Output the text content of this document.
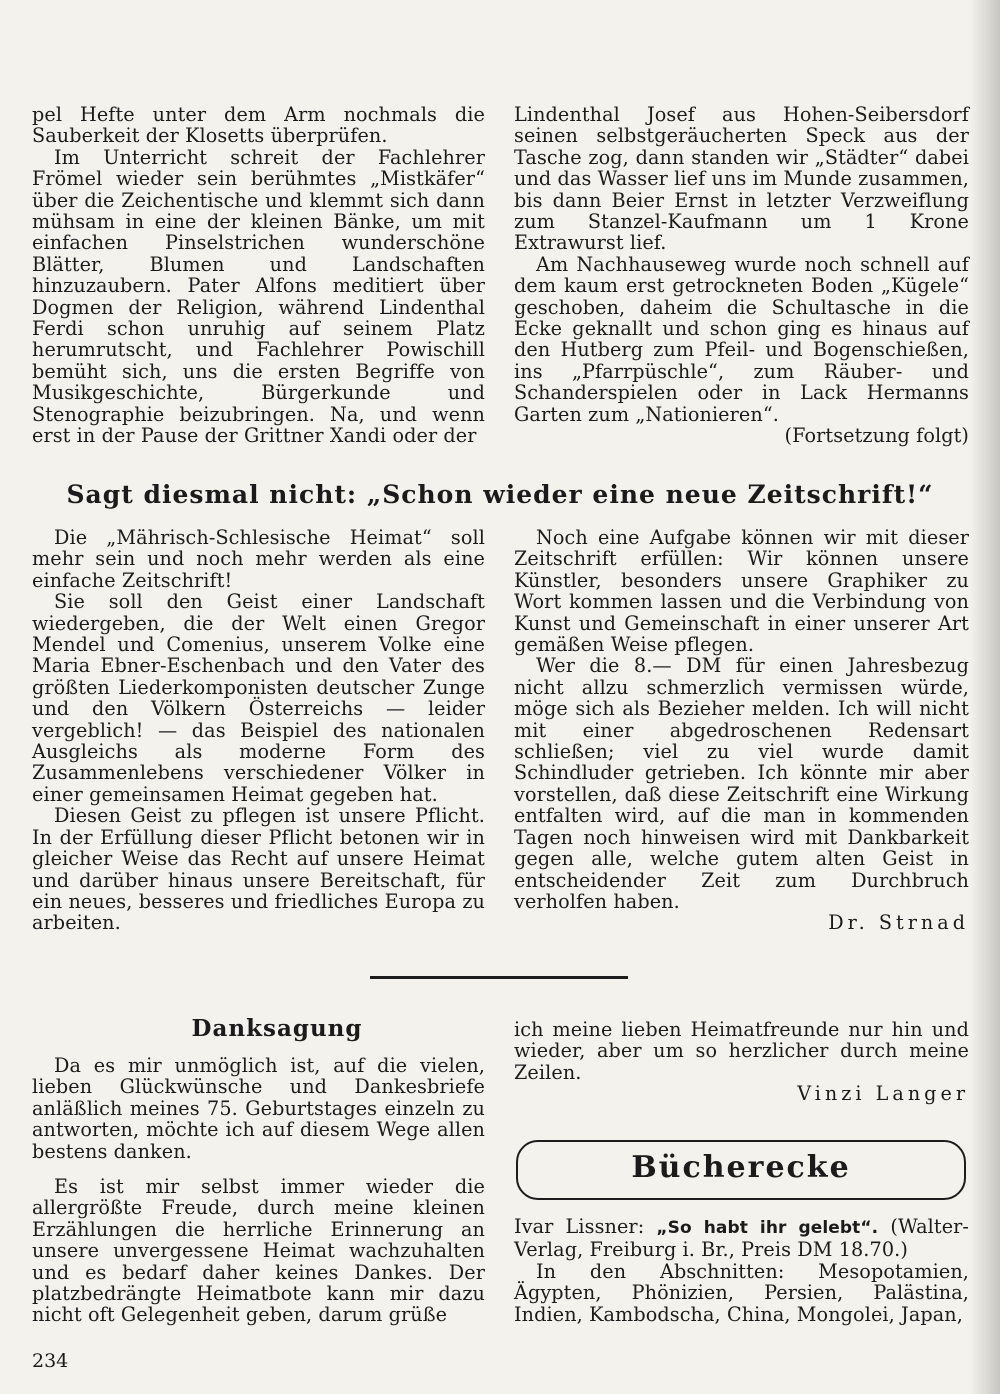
pel Hefte unter dem Arm nochmals die Sauberkeit der Klosetts überprüfen.

Im Unterricht schreit der Fachlehrer Frömel wieder sein berühmtes „Mistkäfer“ über die Zeichentische und klemmt sich dann mühsam in eine der kleinen Bänke, um mit einfachen Pinselstrichen wunderschöne Blätter, Blumen und Landschaften hinzuzaubern. Pater Alfons meditiert über Dogmen der Religion, während Lindenthal Ferdi schon unruhig auf seinem Platz herumrutscht, und Fachlehrer Powischill bemüht sich, uns die ersten Begriffe von Musikgeschichte, Bürgerkunde und Stenographie beizubringen. Na, und wenn erst in der Pause der Grittner Xandi oder der

Lindenthal Josef aus Hohen-Seibersdorf seinen selbstgeräucherten Speck aus der Tasche zog, dann standen wir „Städter“ dabei und das Wasser lief uns im Munde zusammen, bis dann Beier Ernst in letzter Verzweiflung zum Stanzel-Kaufmann um 1 Krone Extrawurst lief.

Am Nachhauseweg wurde noch schnell auf dem kaum erst getrockneten Boden „Kügele“ geschoben, daheim die Schultasche in die Ecke geknallt und schon ging es hinaus auf den Hutberg zum Pfeil- und Bogenschießen, ins „Pfarrpüschle“, zum Räuber- und Schanderspielen oder in Lack Hermanns Garten zum „Nationieren“.

(Fortsetzung folgt)

Sagt diesmal nicht: „Schon wieder eine neue Zeitschrift!“

Die „Mährisch-Schlesische Heimat“ soll mehr sein und noch mehr werden als eine einfache Zeitschrift!

Sie soll den Geist einer Landschaft wiedergeben, die der Welt einen Gregor Mendel und Comenius, unserem Volke eine Maria Ebner-Eschenbach und den Vater des größten Liederkomponisten deutscher Zunge und den Völkern Österreichs — leider vergeblich! — das Beispiel des nationalen Ausgleichs als moderne Form des Zusammenlebens verschiedener Völker in einer gemeinsamen Heimat gegeben hat.

Diesen Geist zu pflegen ist unsere Pflicht. In der Erfüllung dieser Pflicht betonen wir in gleicher Weise das Recht auf unsere Heimat und darüber hinaus unsere Bereitschaft, für ein neues, besseres und friedliches Europa zu arbeiten.

Noch eine Aufgabe können wir mit dieser Zeitschrift erfüllen: Wir können unsere Künstler, besonders unsere Graphiker zu Wort kommen lassen und die Verbindung von Kunst und Gemeinschaft in einer unserer Art gemäßen Weise pflegen.

Wer die 8.— DM für einen Jahresbezug nicht allzu schmerzlich vermissen würde, möge sich als Bezieher melden. Ich will nicht mit einer abgedroschenen Redensart schließen; viel zu viel wurde damit Schindluder getrieben. Ich könnte mir aber vorstellen, daß diese Zeitschrift eine Wirkung entfalten wird, auf die man in kommenden Tagen noch hinweisen wird mit Dankbarkeit gegen alle, welche gutem alten Geist in entscheidender Zeit zum Durchbruch verholfen haben.

Dr. Strnad

Danksagung

Da es mir unmöglich ist, auf die vielen, lieben Glückwünsche und Dankesbriefe anläßlich meines 75. Geburtstages einzeln zu antworten, möchte ich auf diesem Wege allen bestens danken.

Es ist mir selbst immer wieder die allergrößte Freude, durch meine kleinen Erzählungen die herrliche Erinnerung an unsere unvergessene Heimat wachzuhalten und es bedarf daher keines Dankes. Der platzbedrängte Heimatbote kann mir dazu nicht oft Gelegenheit geben, darum grüße

ich meine lieben Heimatfreunde nur hin und wieder, aber um so herzlicher durch meine Zeilen.

Vinzi Langer

Bücherecke

Ivar Lissner: „So habt ihr gelebt“. (Walter-Verlag, Freiburg i. Br., Preis DM 18.70.)

In den Abschnitten: Mesopotamien, Ägypten, Phönizien, Persien, Palästina, Indien, Kambodscha, China, Mongolei, Japan,

234
